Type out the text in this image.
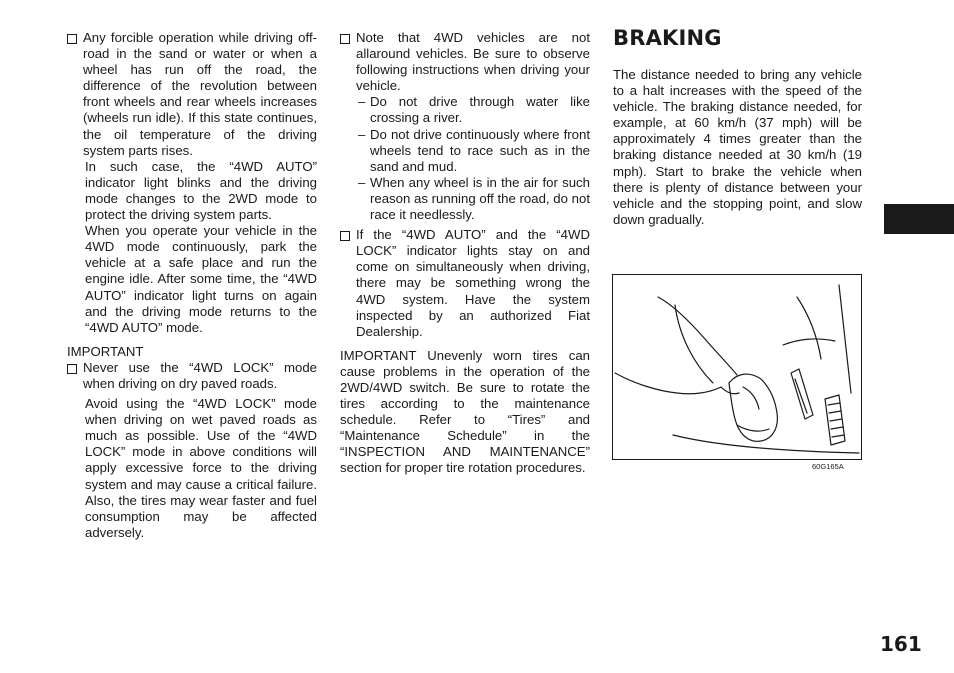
Any forcible operation while driving off-road in the sand or water or when a wheel has run off the road, the difference of the revolution between front wheels and rear wheels increases (wheels run idle). If this state continues, the oil temperature of the driving system parts rises.

In such case, the “4WD AUTO” indicator light blinks and the driving mode changes to the 2WD mode to protect the driving system parts.

When you operate your vehicle in the 4WD mode continuously, park the vehicle at a safe place and run the engine idle. After some time, the “4WD AUTO” indicator light turns on again and the driving mode returns to the “4WD AUTO” mode.

IMPORTANT

Never use the “4WD LOCK” mode when driving on dry paved roads.

Avoid using the “4WD LOCK” mode when driving on wet paved roads as much as possible. Use of the “4WD LOCK” mode in above conditions will apply excessive force to the driving system and may cause a critical failure. Also, the tires may wear faster and fuel consumption may be affected adversely.

Note that 4WD vehicles are not allaround vehicles. Be sure to observe following instructions when driving your vehicle.

– Do not drive through water like crossing a river.

– Do not drive continuously where front wheels tend to race such as in the sand and mud.

– When any wheel is in the air for such reason as running off the road, do not race it needlessly.

If the “4WD AUTO” and the “4WD LOCK” indicator lights stay on and come on simultaneously when driving, there may be something wrong the 4WD system. Have the system inspected by an authorized Fiat Dealership.

IMPORTANT Unevenly worn tires can cause problems in the operation of the 2WD/4WD switch. Be sure to rotate the tires according to the maintenance schedule. Refer to “Tires” and “Maintenance Schedule” in the “INSPECTION AND MAINTENANCE” section for proper tire rotation procedures.

BRAKING

The distance needed to bring any vehicle to a halt increases with the speed of the vehicle. The braking distance needed, for example, at 60 km/h (37 mph) will be approximately 4 times greater than the braking distance needed at 30 km/h (19 mph). Start to brake the vehicle when there is plenty of distance between your vehicle and the stopping point, and slow down gradually.

60G165A
161
